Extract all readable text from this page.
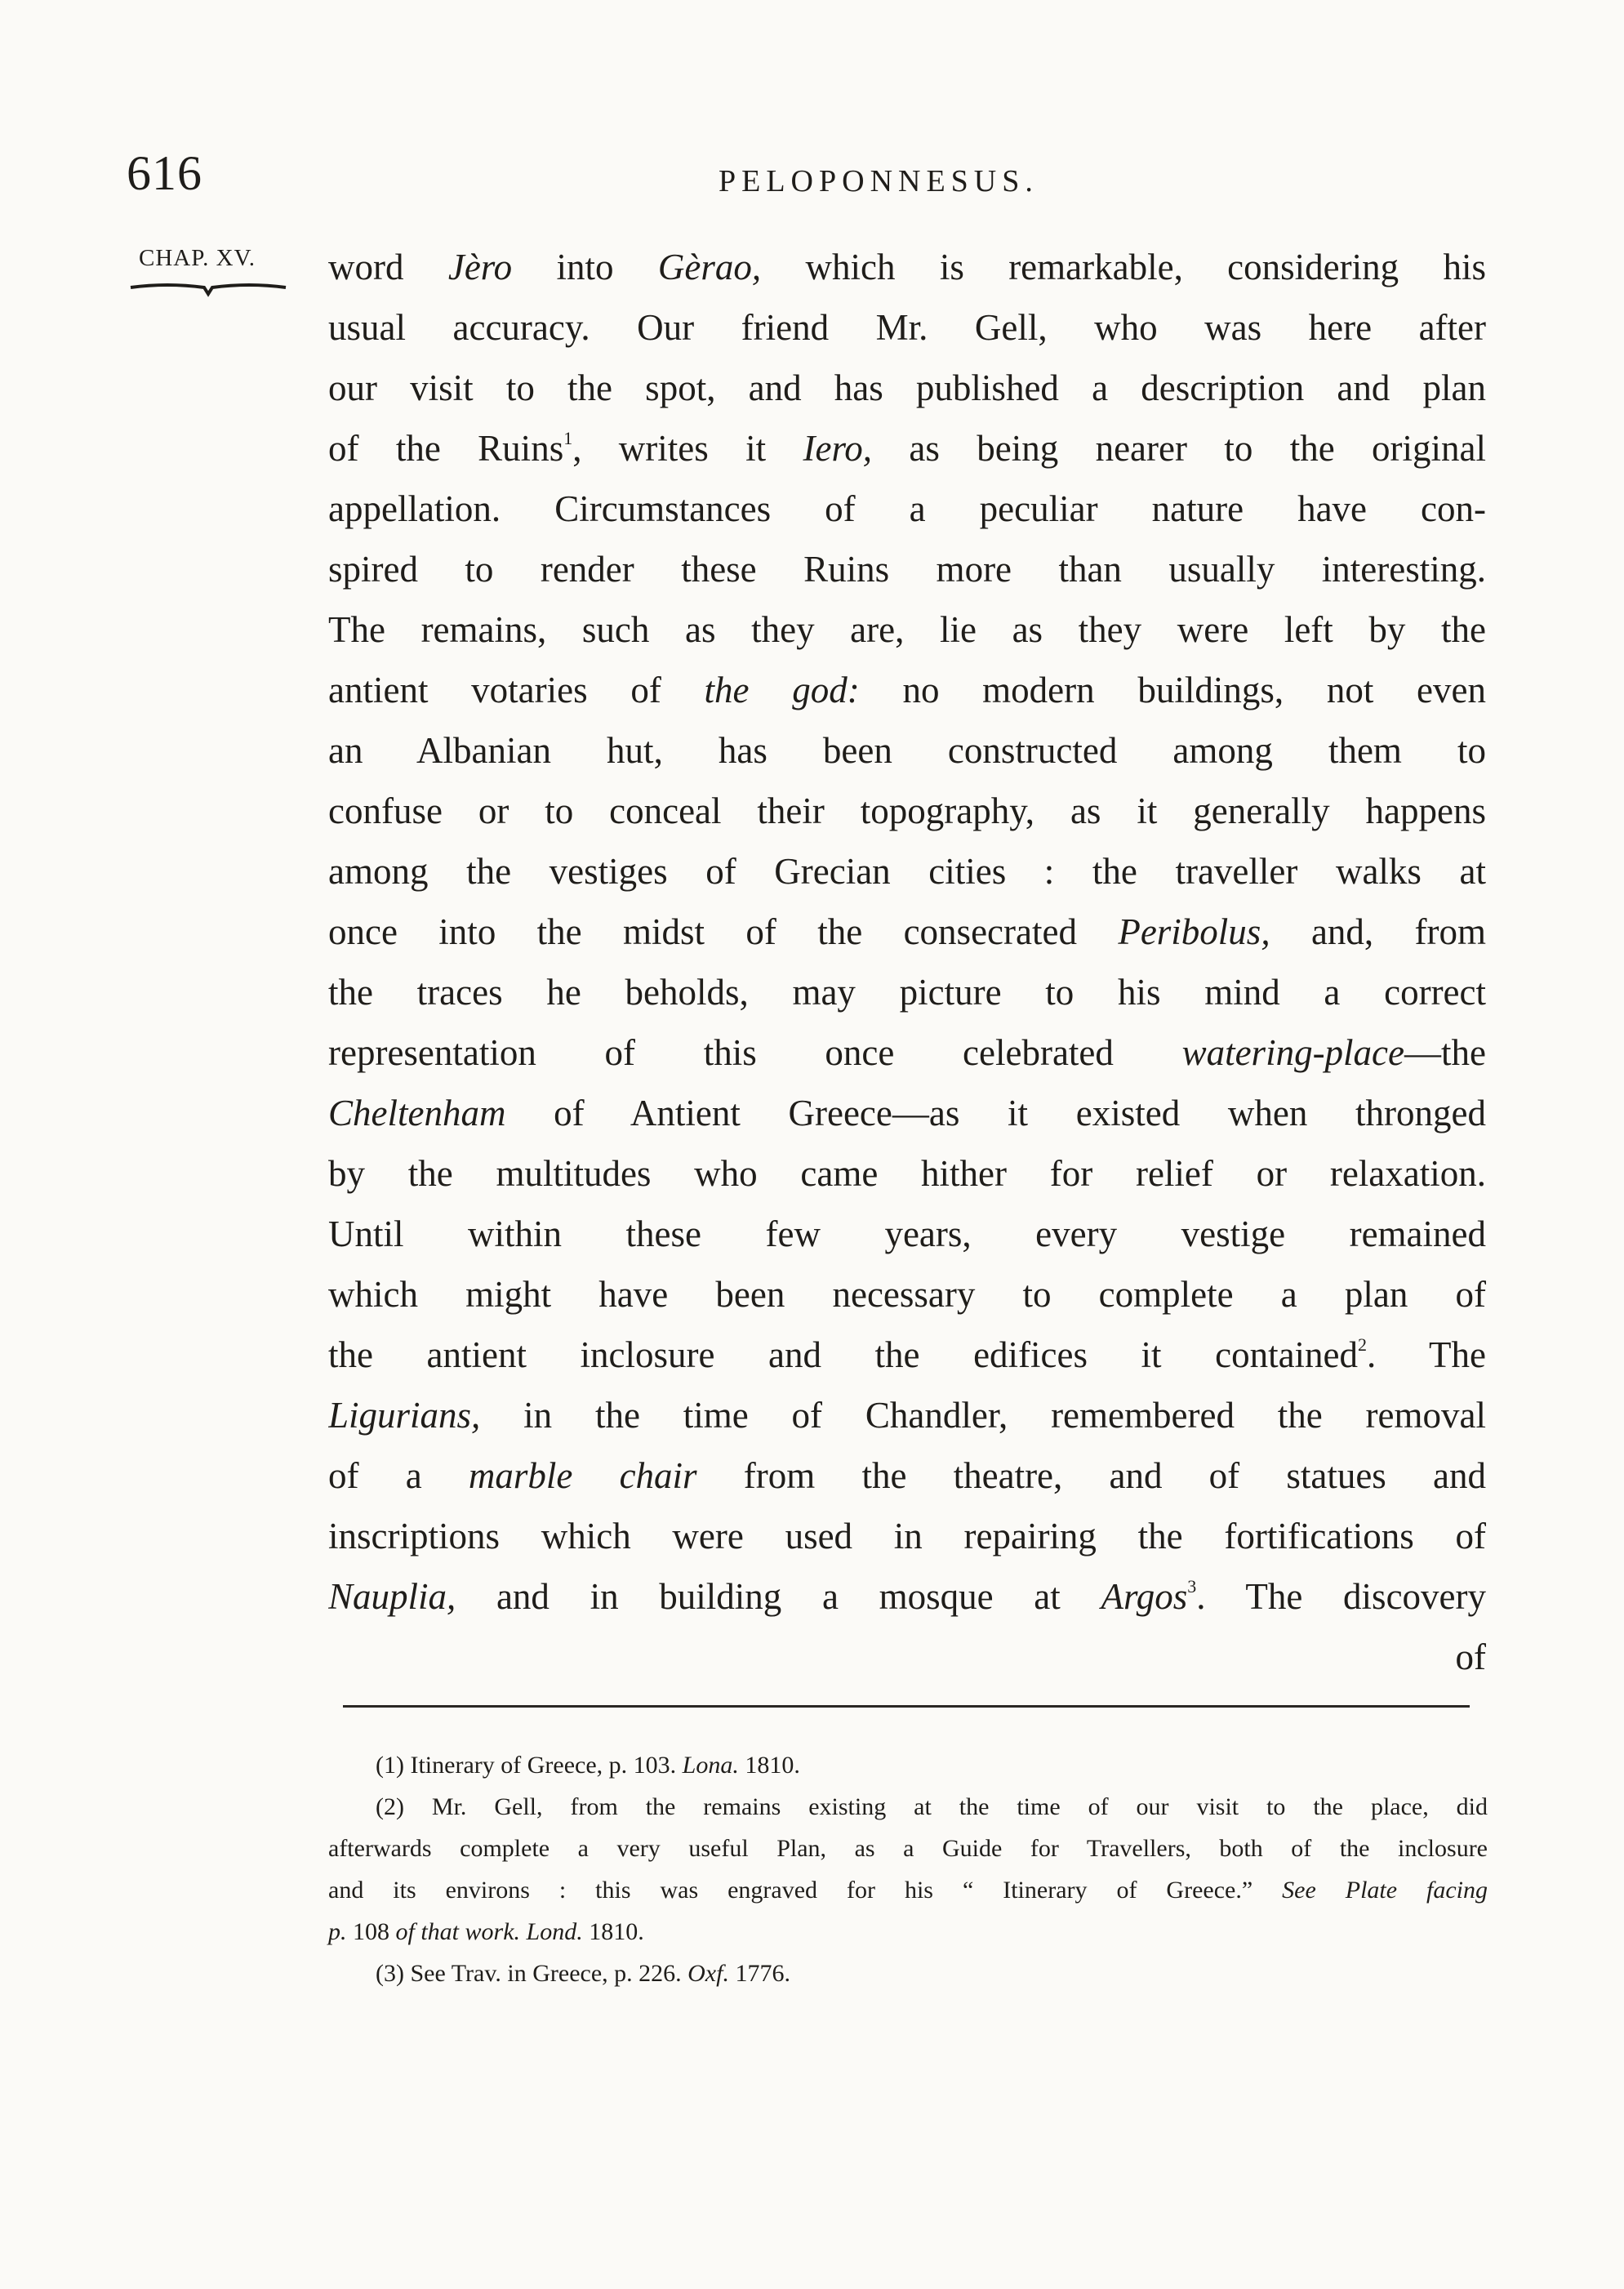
616	PELOPONNESUS.
CHAP. XV. word Jèro into Gèrao, which is remarkable, considering his
usual accuracy. Our friend Mr. Gell, who was here after
our visit to the spot, and has published a description and plan
of the Ruins$^1$, writes it Iero, as being nearer to the original
appellation. Circumstances of a peculiar nature have con-
spired to render these Ruins more than usually interesting.
The remains, such as they are, lie as they were left by the
antient votaries of the god: no modern buildings, not even
an Albanian hut, has been constructed among them to
confuse or to conceal their topography, as it generally happens
among the vestiges of Grecian cities : the traveller walks at
once into the midst of the consecrated Peribolus, and, from
the traces he beholds, may picture to his mind a correct
representation of this once celebrated watering-place—the
Cheltenham of Antient Greece—as it existed when thronged
by the multitudes who came hither for relief or relaxation.
Until within these few years, every vestige remained
which might have been necessary to complete a plan of
the antient inclosure and the edifices it contained$^2$. The
Ligurians, in the time of Chandler, remembered the removal
of a marble chair from the theatre, and of statues and
inscriptions which were used in repairing the fortifications of
Nauplia, and in building a mosque at Argos$^3$. The discovery
of
(1) Itinerary of Greece, p. 103. Lona. 1810.
(2) Mr. Gell, from the remains existing at the time of our visit to the place, did
afterwards complete a very useful Plan, as a Guide for Travellers, both of the inclosure
and its environs : this was engraved for his “ Itinerary of Greece.” See Plate facing
p. 108 of that work. Lond. 1810.
(3) See Trav. in Greece, p. 226. Oxf. 1776.
